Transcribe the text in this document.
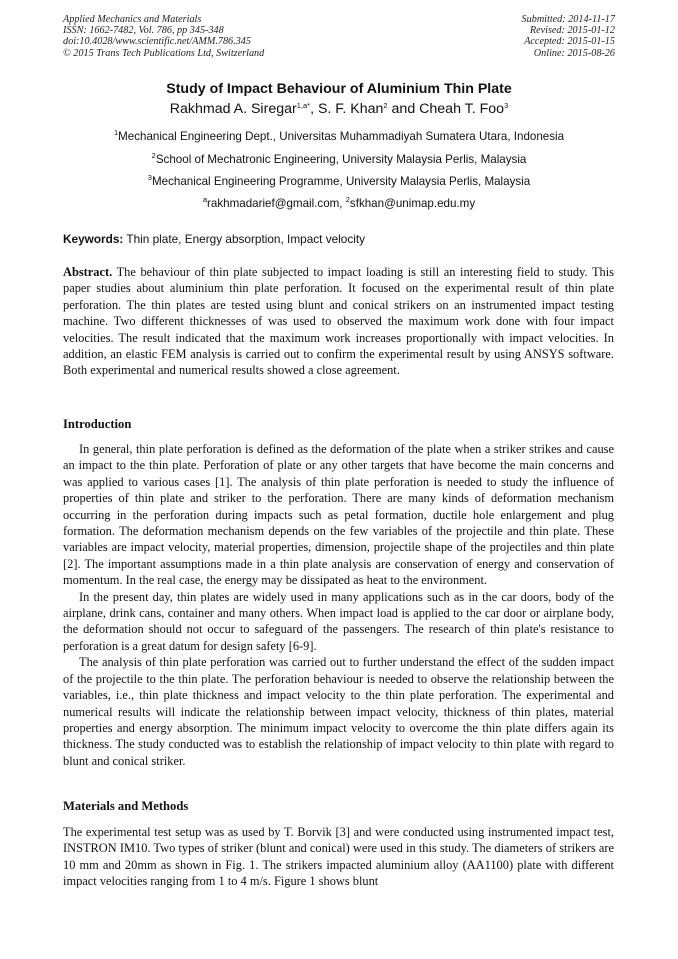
Applied Mechanics and Materials
ISSN: 1662-7482, Vol. 786, pp 345-348
doi:10.4028/www.scientific.net/AMM.786.345
© 2015 Trans Tech Publications Ltd, Switzerland
Submitted: 2014-11-17
Revised: 2015-01-12
Accepted: 2015-01-15
Online: 2015-08-26
Study of Impact Behaviour of Aluminium Thin Plate
Rakhmad A. Siregar$^{1,a*}$, S. F. Khan$^2$ and Cheah T. Foo$^3$
$^1$Mechanical Engineering Dept., Universitas Muhammadiyah Sumatera Utara, Indonesia
$^2$School of Mechatronic Engineering, University Malaysia Perlis, Malaysia
$^3$Mechanical Engineering Programme, University Malaysia Perlis, Malaysia
$^a$rakhmadarief@gmail.com, $^2$sfkhan@unimap.edu.my
Keywords: Thin plate, Energy absorption, Impact velocity

Abstract. The behaviour of thin plate subjected to impact loading is still an interesting field to study. This paper studies about aluminium thin plate perforation. It focused on the experimental result of thin plate perforation. The thin plates are tested using blunt and conical strikers on an instrumented impact testing machine. Two different thicknesses of was used to observed the maximum work done with four impact velocities. The result indicated that the maximum work increases proportionally with impact velocities. In addition, an elastic FEM analysis is carried out to confirm the experimental result by using ANSYS software. Both experimental and numerical results showed a close agreement.

Introduction

In general, thin plate perforation is defined as the deformation of the plate when a striker strikes and cause an impact to the thin plate. Perforation of plate or any other targets that have become the main concerns and was applied to various cases [1]. The analysis of thin plate perforation is needed to study the influence of properties of thin plate and striker to the perforation. There are many kinds of deformation mechanism occurring in the perforation during impacts such as petal formation, ductile hole enlargement and plug formation. The deformation mechanism depends on the few variables of the projectile and thin plate. These variables are impact velocity, material properties, dimension, projectile shape of the projectiles and thin plate [2]. The important assumptions made in a thin plate analysis are conservation of energy and conservation of momentum. In the real case, the energy may be dissipated as heat to the environment.

In the present day, thin plates are widely used in many applications such as in the car doors, body of the airplane, drink cans, container and many others. When impact load is applied to the car door or airplane body, the deformation should not occur to safeguard of the passengers. The research of thin plate's resistance to perforation is a great datum for design safety [6-9].

The analysis of thin plate perforation was carried out to further understand the effect of the sudden impact of the projectile to the thin plate. The perforation behaviour is needed to observe the relationship between the variables, i.e., thin plate thickness and impact velocity to the thin plate perforation. The experimental and numerical results will indicate the relationship between impact velocity, thickness of thin plates, material properties and energy absorption. The minimum impact velocity to overcome the thin plate differs again its thickness. The study conducted was to establish the relationship of impact velocity to thin plate with regard to blunt and conical striker.

Materials and Methods

The experimental test setup was as used by T. Borvik [3] and were conducted using instrumented impact test, INSTRON IM10. Two types of striker (blunt and conical) were used in this study. The diameters of strikers are 10 mm and 20mm as shown in Fig. 1. The strikers impacted aluminium alloy (AA1100) plate with different impact velocities ranging from 1 to 4 m/s. Figure 1 shows blunt
